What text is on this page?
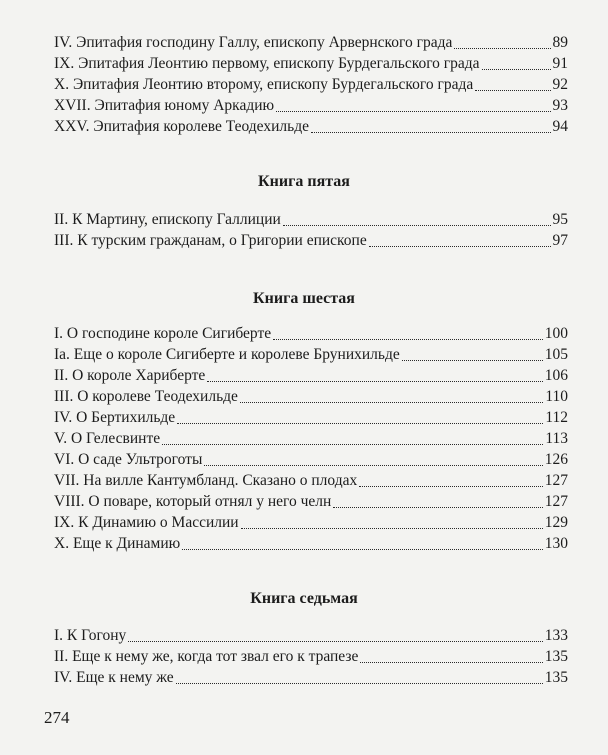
IV. Эпитафия господину Галлу, епископу Арвернского града	89
IX. Эпитафия Леонтию первому, епископу Бурдегальского града	91
X. Эпитафия Леонтию второму, епископу Бурдегальского града	92
XVII. Эпитафия юному Аркадию	93
XXV. Эпитафия королеве Теодехильде	94
Книга пятая
II. К Мартину, епископу Галлиции	95
III. К турским гражданам, о Григории епископе	97
Книга шестая
I. О господине короле Сигиберте	100
Ia. Еще о короле Сигиберте и королеве Брунихильде	105
II. О короле Хариберте	106
III. О королеве Теодехильде	110
IV. О Бертихильде	112
V. О Гелесвинте	113
VI. О саде Ультроготы	126
VII. На вилле Кантумбланд. Сказано о плодах	127
VIII. О поваре, который отнял у него челн	127
IX. К Динамию о Массилии	129
X. Еще к Динамию	130
Книга седьмая
I. К Гогону	133
II. Еще к нему же, когда тот звал его к трапезе	135
IV. Еще к нему же	135
274
